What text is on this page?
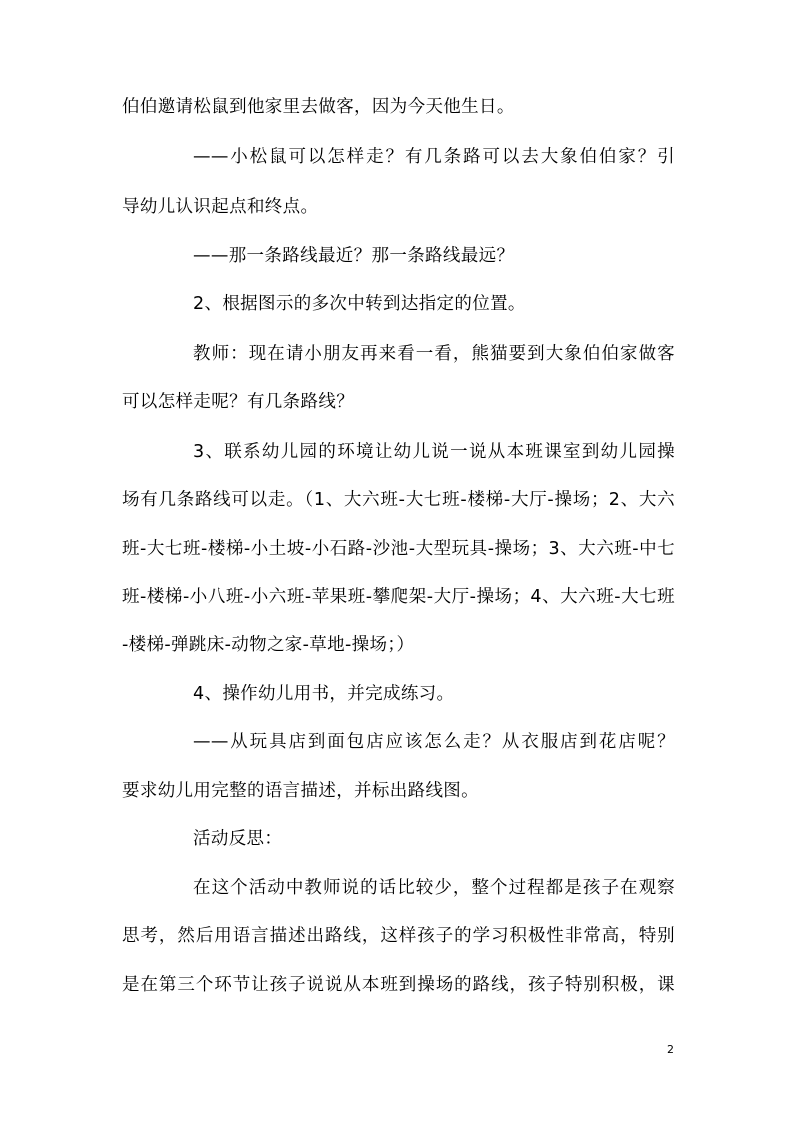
伯伯邀请松鼠到他家里去做客，因为今天他生日。
——小松鼠可以怎样走？有几条路可以去大象伯伯家？引
导幼儿认识起点和终点。
——那一条路线最近？那一条路线最远？
2、根据图示的多次中转到达指定的位置。
教师：现在请小朋友再来看一看，熊猫要到大象伯伯家做客
可以怎样走呢？有几条路线？
3、联系幼儿园的环境让幼儿说一说从本班课室到幼儿园操
场有几条路线可以走。（1、大六班-大七班-楼梯-大厅-操场；2、大六
班-大七班-楼梯-小土坡-小石路-沙池-大型玩具-操场；3、大六班-中七
班-楼梯-小八班-小六班-苹果班-攀爬架-大厅-操场；4、大六班-大七班
-楼梯-弹跳床-动物之家-草地-操场；）
4、操作幼儿用书，并完成练习。
——从玩具店到面包店应该怎么走？从衣服店到花店呢？
要求幼儿用完整的语言描述，并标出路线图。
活动反思：
在这个活动中教师说的话比较少，整个过程都是孩子在观察
思考，然后用语言描述出路线，这样孩子的学习积极性非常高，特别
是在第三个环节让孩子说说从本班到操场的路线，孩子特别积极，课
2
